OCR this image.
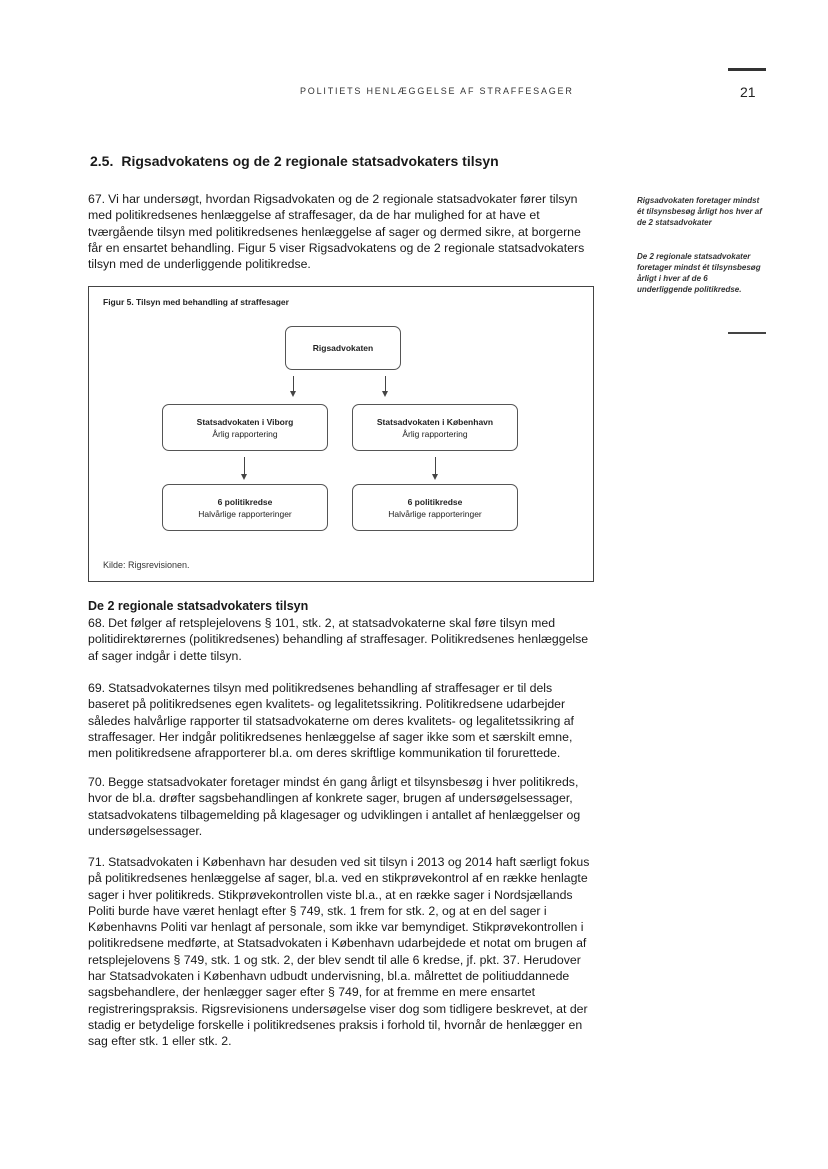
POLITIETS HENLÆGGELSE AF STRAFFESAGER	21
2.5. Rigsadvokatens og de 2 regionale statsadvokaters tilsyn
67. Vi har undersøgt, hvordan Rigsadvokaten og de 2 regionale statsadvokater fører tilsyn med politikredsenes henlæggelse af straffesager, da de har mulighed for at have et tværgående tilsyn med politikredsenes henlæggelse af sager og dermed sikre, at borgerne får en ensartet behandling. Figur 5 viser Rigsadvokatens og de 2 regionale statsadvokaters tilsyn med de underliggende politikredse.
Rigsadvokaten foretager mindst ét tilsynsbesøg årligt hos hver af de 2 statsadvokater
De 2 regionale statsadvokater foretager mindst ét tilsynsbesøg årligt i hver af de 6 underliggende politikredse.
Figur 5. Tilsyn med behandling af straffesager
Rigsadvokaten
Statsadvokaten i Viborg
Årlig rapportering
Statsadvokaten i København
Årlig rapportering
6 politikredse
Halvårlige rapporteringer
6 politikredse
Halvårlige rapporteringer
Kilde: Rigsrevisionen.
De 2 regionale statsadvokaters tilsyn
68. Det følger af retsplejelovens § 101, stk. 2, at statsadvokaterne skal føre tilsyn med politidirektørernes (politikredsenes) behandling af straffesager. Politikredsenes henlæggelse af sager indgår i dette tilsyn.
69. Statsadvokaternes tilsyn med politikredsenes behandling af straffesager er til dels baseret på politikredsenes egen kvalitets- og legalitetssikring. Politikredsene udarbejder således halvårlige rapporter til statsadvokaterne om deres kvalitets- og legalitetssikring af straffesager. Her indgår politikredsenes henlæggelse af sager ikke som et særskilt emne, men politikredsene afrapporterer bl.a. om deres skriftlige kommunikation til forurettede.
70. Begge statsadvokater foretager mindst én gang årligt et tilsynsbesøg i hver politikreds, hvor de bl.a. drøfter sagsbehandlingen af konkrete sager, brugen af undersøgelsessager, statsadvokatens tilbagemelding på klagesager og udviklingen i antallet af henlæggelser og undersøgelsessager.
71. Statsadvokaten i København har desuden ved sit tilsyn i 2013 og 2014 haft særligt fokus på politikredsenes henlæggelse af sager, bl.a. ved en stikprøvekontrol af en række henlagte sager i hver politikreds. Stikprøvekontrollen viste bl.a., at en række sager i Nordsjællands Politi burde have været henlagt efter § 749, stk. 1 frem for stk. 2, og at en del sager i Københavns Politi var henlagt af personale, som ikke var bemyndiget. Stikprøvekontrollen i politikredsene medførte, at Statsadvokaten i København udarbejdede et notat om brugen af retsplejelovens § 749, stk. 1 og stk. 2, der blev sendt til alle 6 kredse, jf. pkt. 37. Herudover har Statsadvokaten i København udbudt undervisning, bl.a. målrettet de politiuddannede sagsbehandlere, der henlægger sager efter § 749, for at fremme en mere ensartet registreringspraksis. Rigsrevisionens undersøgelse viser dog som tidligere beskrevet, at der stadig er betydelige forskelle i politikredsenes praksis i forhold til, hvornår de henlægger en sag efter stk. 1 eller stk. 2.
